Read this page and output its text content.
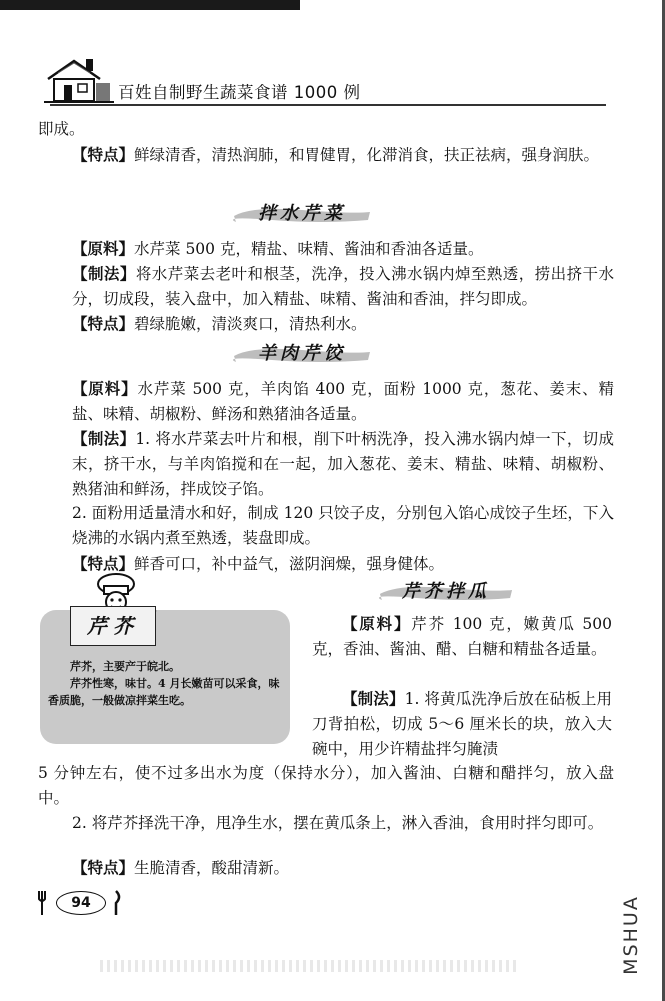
百姓自制野生蔬菜食谱 1000 例

即成。

【特点】鲜绿清香，清热润肺，和胃健胃，化滞消食，扶正祛病，强身润肤。

拌水芹菜

【原料】水芹菜 500 克，精盐、味精、酱油和香油各适量。

【制法】将水芹菜去老叶和根茎，洗净，投入沸水锅内焯至熟透，捞出挤干水分，切成段，装入盘中，加入精盐、味精、酱油和香油，拌匀即成。

【特点】碧绿脆嫩，清淡爽口，清热利水。

羊肉芹饺

【原料】水芹菜 500 克，羊肉馅 400 克，面粉 1000 克，葱花、姜末、精盐、味精、胡椒粉、鲜汤和熟猪油各适量。

【制法】1. 将水芹菜去叶片和根，削下叶柄洗净，投入沸水锅内焯一下，切成末，挤干水，与羊肉馅搅和在一起，加入葱花、姜末、精盐、味精、胡椒粉、熟猪油和鲜汤，拌成饺子馅。

2. 面粉用适量清水和好，制成 120 只饺子皮，分别包入馅心成饺子生坯，下入烧沸的水锅内煮至熟透，装盘即成。

【特点】鲜香可口，补中益气，滋阴润燥，强身健体。

芹芥，主要产于皖北。
芹芥性寒，味甘。4 月长嫩苗可以采食，味香质脆，一般做凉拌菜生吃。
芹芥
芹芥拌瓜

【原料】芹芥 100 克，嫩黄瓜 500 克，香油、酱油、醋、白糖和精盐各适量。

【制法】1. 将黄瓜洗净后放在砧板上用刀背拍松，切成 5～6 厘米长的块，放入大碗中，用少许精盐拌匀腌渍

5 分钟左右，使不过多出水为度（保持水分），加入酱油、白糖和醋拌匀，放入盘中。

2. 将芹芥择洗干净，甩净生水，摆在黄瓜条上，淋入香油，食用时拌匀即可。

【特点】生脆清香，酸甜清新。

94	MSHUA
